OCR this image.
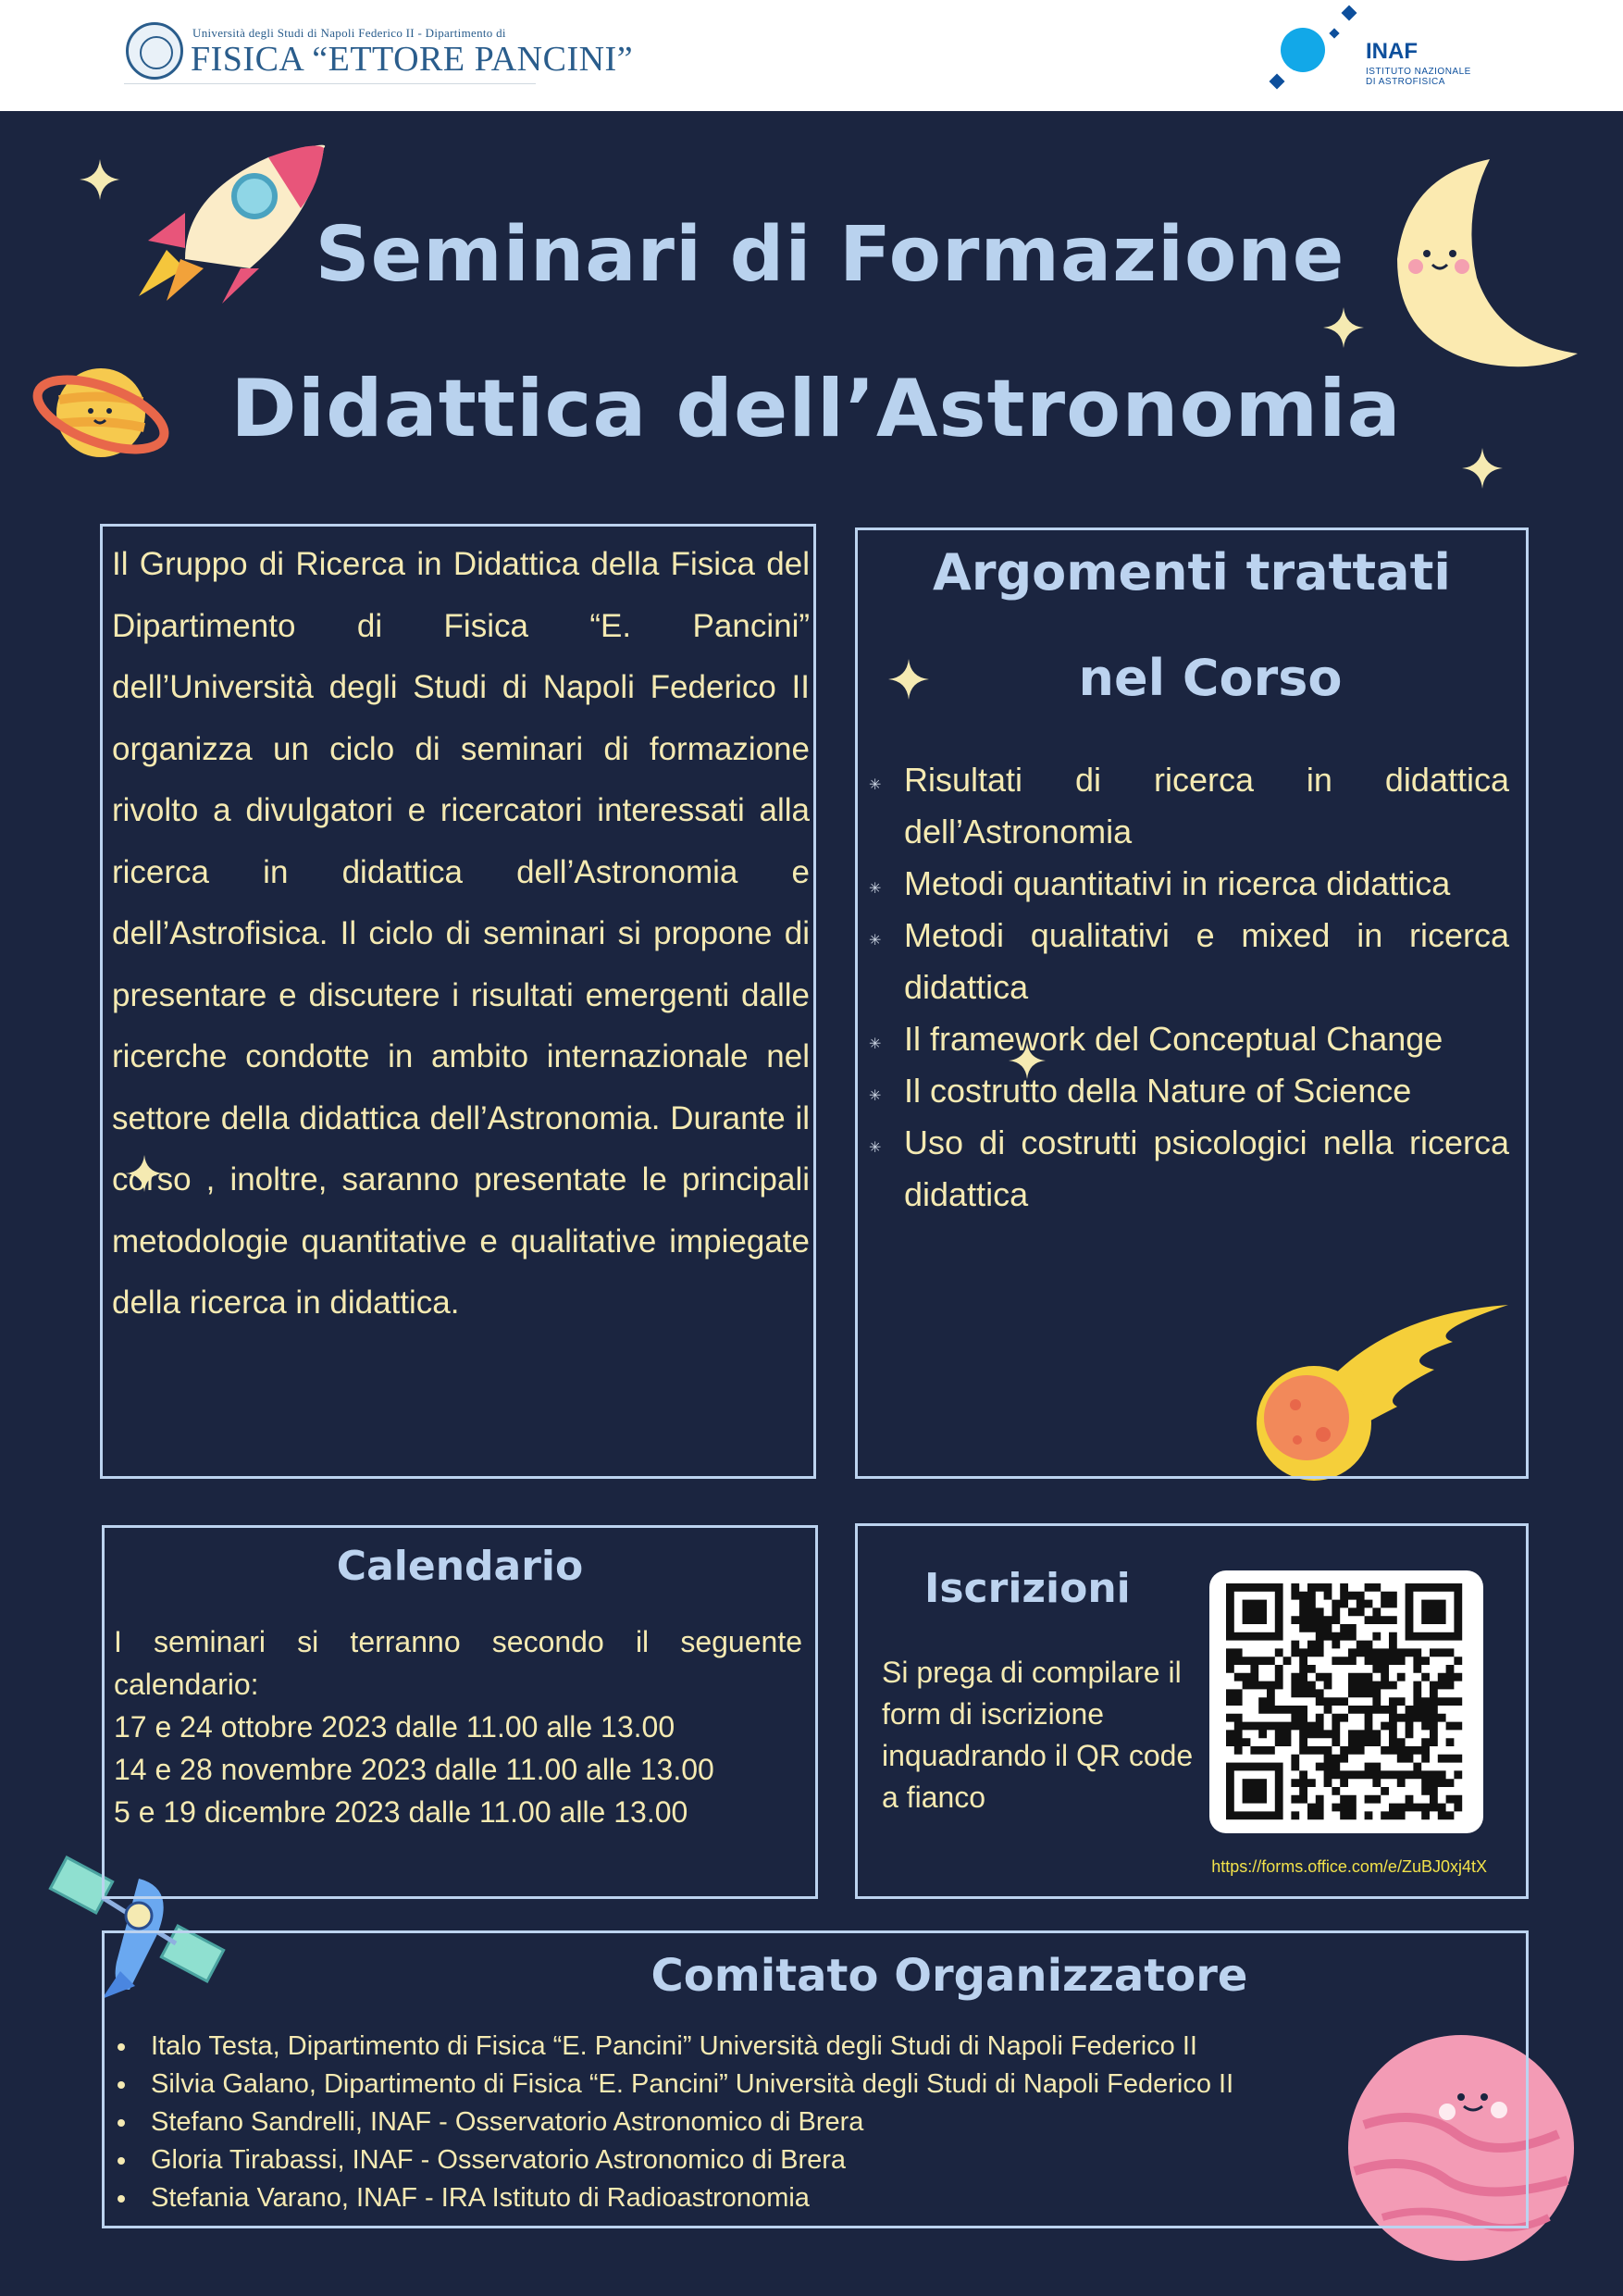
Università degli Studi di Napoli Federico II - Dipartimento di
FISICA “ETTORE PANCINI”	INAF
ISTITUTO NAZIONALE DI ASTROFISICA
Seminari di Formazione
Didattica dell’Astronomia

Il Gruppo di Ricerca in Didattica della Fisica del Dipartimento di Fisica “E. Pancini” dell’Università degli Studi di Napoli Federico II organizza un ciclo di seminari di formazione rivolto a divulgatori e ricercatori interessati alla ricerca in didattica dell’Astronomia e dell’Astrofisica. Il ciclo di seminari si propone di presentare e discutere i risultati emergenti dalle ricerche condotte in ambito internazionale nel settore della didattica dell’Astronomia. Durante il corso , inoltre, saranno presentate le principali metodologie quantitative e qualitative impiegate della ricerca in didattica.

Argomenti trattati
nel Corso
✳ Risultati di ricerca in didattica dell’Astronomia
✳ Metodi quantitativi in ricerca didattica
✳ Metodi qualitativi e mixed in ricerca didattica
✳ Il framework del Conceptual Change
✳ Il costrutto della Nature of Science
✳ Uso di costrutti psicologici nella ricerca didattica
Calendario
I seminari si terranno secondo il seguente calendario:
17 e 24 ottobre 2023 dalle 11.00 alle 13.00
14 e 28 novembre 2023 dalle 11.00 alle 13.00
5 e 19 dicembre 2023 dalle 11.00 alle 13.00
Iscrizioni
Si prega di compilare il form di iscrizione inquadrando il QR code a fianco
https://forms.office.com/e/ZuBJ0xj4tX
Comitato Organizzatore
Italo Testa, Dipartimento di Fisica “E. Pancini” Università degli Studi di Napoli Federico II
Silvia Galano, Dipartimento di Fisica “E. Pancini” Università degli Studi di Napoli Federico II
Stefano Sandrelli, INAF - Osservatorio Astronomico di Brera
Gloria Tirabassi, INAF - Osservatorio Astronomico di Brera
Stefania Varano, INAF - IRA Istituto di Radioastronomia
